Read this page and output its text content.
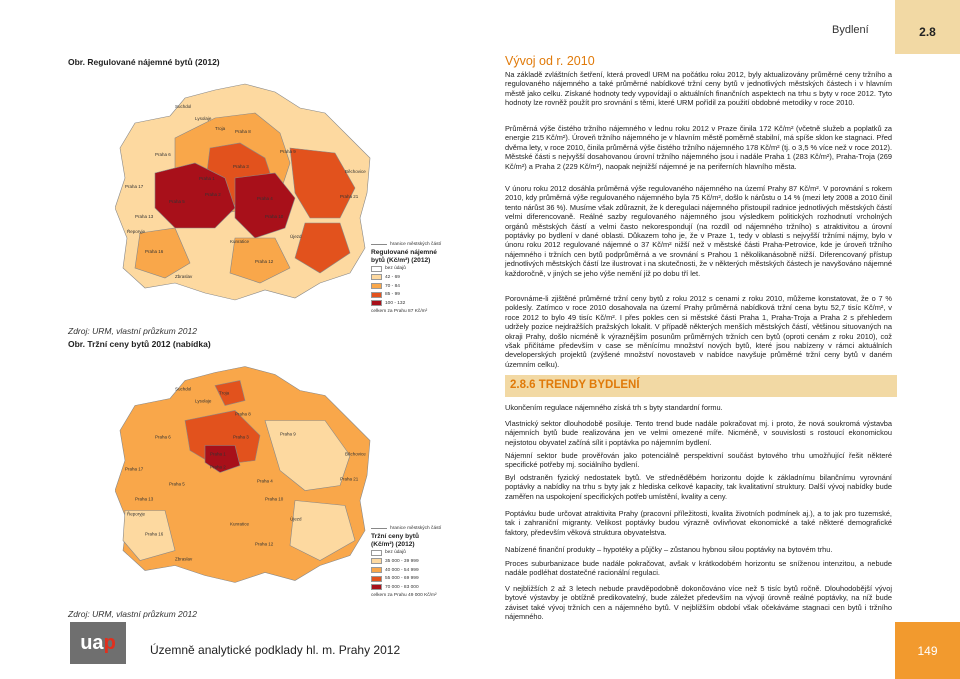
Bydlení	2.8
Obr. Regulované nájemné bytů (2012)
Zdroj: URM, vlastní průzkum 2012
Obr. Tržní ceny bytů 2012 (nabídka)
Zdroj: URM, vlastní průzkum 2012
Praha 1
Praha 2
Praha 3
Praha 4
Praha 5
Praha 6
Praha 8
Praha 9
Praha 10
Praha 13
Praha 17
Praha 12
Praha 16
Praha 21
Suchdol
Lysolaje
Troja
Řeporyje
Zbraslav
Kunratice
Újezd
Běchovice
hranice městských částí
Regulované nájemné
bytů (Kč/m²) (2012)
bez údajů
42 - 69
70 - 84
85 - 99
100 - 132
celkem za Prahu 87 Kč/m²
Praha 1
Praha 2
Praha 3
Praha 4
Praha 5
Praha 6
Praha 8
Praha 9
Praha 10
Praha 13
Praha 17
Praha 12
Praha 16
Praha 21
Suchdol
Lysolaje
Troja
Řeporyje
Zbraslav
Kunratice
Újezd
Běchovice
hranice městských částí
Tržní ceny bytů
(Kč/m²) (2012)
bez údajů
35 000 - 39 999
40 000 - 54 999
55 000 - 69 999
70 000 - 83 000
celkem za Prahu 49 000 Kč/m²
Vývoj od r. 2010

Na základě zvláštních šetření, která provedl URM na počátku roku 2012, byly aktualizovány průměrné ceny tržního a regulovaného nájemného a také průměrné nabídkové tržní ceny bytů v jednotlivých městských částech i v hlavním městě jako celku. Získané hodnoty tedy vypovídají o aktuálních finančních aspektech na trhu s byty v roce 2012. Tyto hodnoty lze rovněž použít pro srovnání s těmi, které URM pořídil za použití obdobné metodiky v roce 2010.

Průměrná výše čistého tržního nájemného v lednu roku 2012 v Praze činila 172 Kč/m² (včetně služeb a poplatků za energie 215 Kč/m²). Úroveň tržního nájemného je v hlavním městě poměrně stabilní, má spíše sklon ke stagnaci. Před dvěma lety, v roce 2010, činila průměrná výše čistého tržního nájemného 178 Kč/m² (tj. o 3,5 % více než v roce 2012). Městské části s nejvyšší dosahovanou úrovní tržního nájemného jsou i nadále Praha 1 (283 Kč/m²), Praha-Troja (269 Kč/m²) a Praha 2 (229 Kč/m²), naopak nejnižší nájemné je na periferních hlavního města.

V únoru roku 2012 dosáhla průměrná výše regulovaného nájemného na území Prahy 87 Kč/m². V porovnání s rokem 2010, kdy průměrná výše regulovaného nájemného byla 75 Kč/m², došlo k nárůstu o 14 % (mezi lety 2008 a 2010 činil tento nárůst 36 %). Musíme však zdůraznit, že k deregulaci nájemného přistoupil radnice jednotlivých městských částí velmi diferencovaně. Reálné sazby regulovaného nájemného jsou výsledkem politických rozhodnutí vrcholných orgánů městských částí a velmi často nekorespondují (na rozdíl od nájemného tržního) s atraktivitou a úrovní poptávky po bydlení v dané oblasti. Důkazem toho je, že v Praze 1, tedy v oblasti s nejvyšší tržními nájmy, bylo v únoru roku 2012 regulované nájemné o 37 Kč/m² nižší než v městské části Praha-Petrovice, kde je úroveň tržního nájemného i tržních cen bytů podprůměrná a ve srovnání s Prahou 1 několikanásobně nižší. Diferencovaný přístup jednotlivých městských částí lze ilustrovat i na skutečnosti, že v některých městských částech je navyšováno nájemné každoročně, v jiných se jeho výše nemění již po dobu tří let.

Porovnáme-li zjištěné průměrné tržní ceny bytů z roku 2012 s cenami z roku 2010, můžeme konstatovat, že o 7 % poklesly. Zatímco v roce 2010 dosahovala na území Prahy průměrná nabídková tržní cena bytu 52,7 tisíc Kč/m², v roce 2012 to bylo 49 tisíc Kč/m². I přes pokles cen si městské části Praha 1, Praha-Troja a Praha 2 s přehledem udržely pozice nejdražších pražských lokalit. V případě některých menších městských částí, většinou situovaných na okraji Prahy, došlo nicméně k výraznějším posunům průměrných tržních cen bytů (oproti cenám z roku 2010), což však přičítáme především v case se měnícímu množství nových bytů, které jsou nabízeny v rámci aktuálních developerských projektů (zvýšené množství novostaveb v nabídce navyšuje průměrné tržní ceny bytů v daném územním celku).

2.8.6 TRENDY BYDLENÍ

Ukončením regulace nájemného získá trh s byty standardní formu.

Vlastnický sektor dlouhodobě posiluje. Tento trend bude nadále pokračovat mj. i proto, že nová soukromá výstavba nájemních bytů bude realizována jen ve velmi omezené míře. Nicméně, v souvislosti s rostoucí ekonomickou nejistotou obyvatel začíná sílit i poptávka po nájemním bydlení.

Nájemní sektor bude prověřován jako potenciálně perspektivní součást bytového trhu umožňující řešit některé specifické potřeby mj. sociálního bydlení.

Byl odstraněn fyzický nedostatek bytů. Ve středněděbém horizontu dojde k základnímu bilančnímu vyrovnání poptávky a nabídky na trhu s byty jak z hlediska celkové kapacity, tak kvalitativní struktury. Další vývoj nabídky bude zaměřen na uspokojení specifických potřeb umístění, kvality a ceny.

Poptávku bude určovat atraktivita Prahy (pracovní příležitosti, kvalita životních podmínek aj.), a to jak pro tuzemské, tak i zahraniční migranty. Velikost poptávky budou výrazně ovlivňovat ekonomické a také některé demografické faktory, především věková struktura obyvatelstva.

Nabízené finanční produkty – hypotéky a půjčky – zůstanou hybnou silou poptávky na bytovém trhu.

Proces suburbanizace bude nadále pokračovat, avšak v krátkodobém horizontu se sníženou intenzitou, a nebude nadále podléhat dostatečné racionální regulaci.

V nejbližších 2 až 3 letech nebude pravděpodobně dokončováno více než 5 tisíc bytů ročně. Dlouhodobější vývoj bytové výstavby je obtížně predikovatelný, bude záležet především na vývoji úrovně reálné poptávky, na níž bude záviset také vývoj tržních cen a nájemného bytů. V nejbližším období však očekáváme stagnaci cen bytů i tržního nájemného.

ua p	Územně analytické podklady hl. m. Prahy 2012	149
